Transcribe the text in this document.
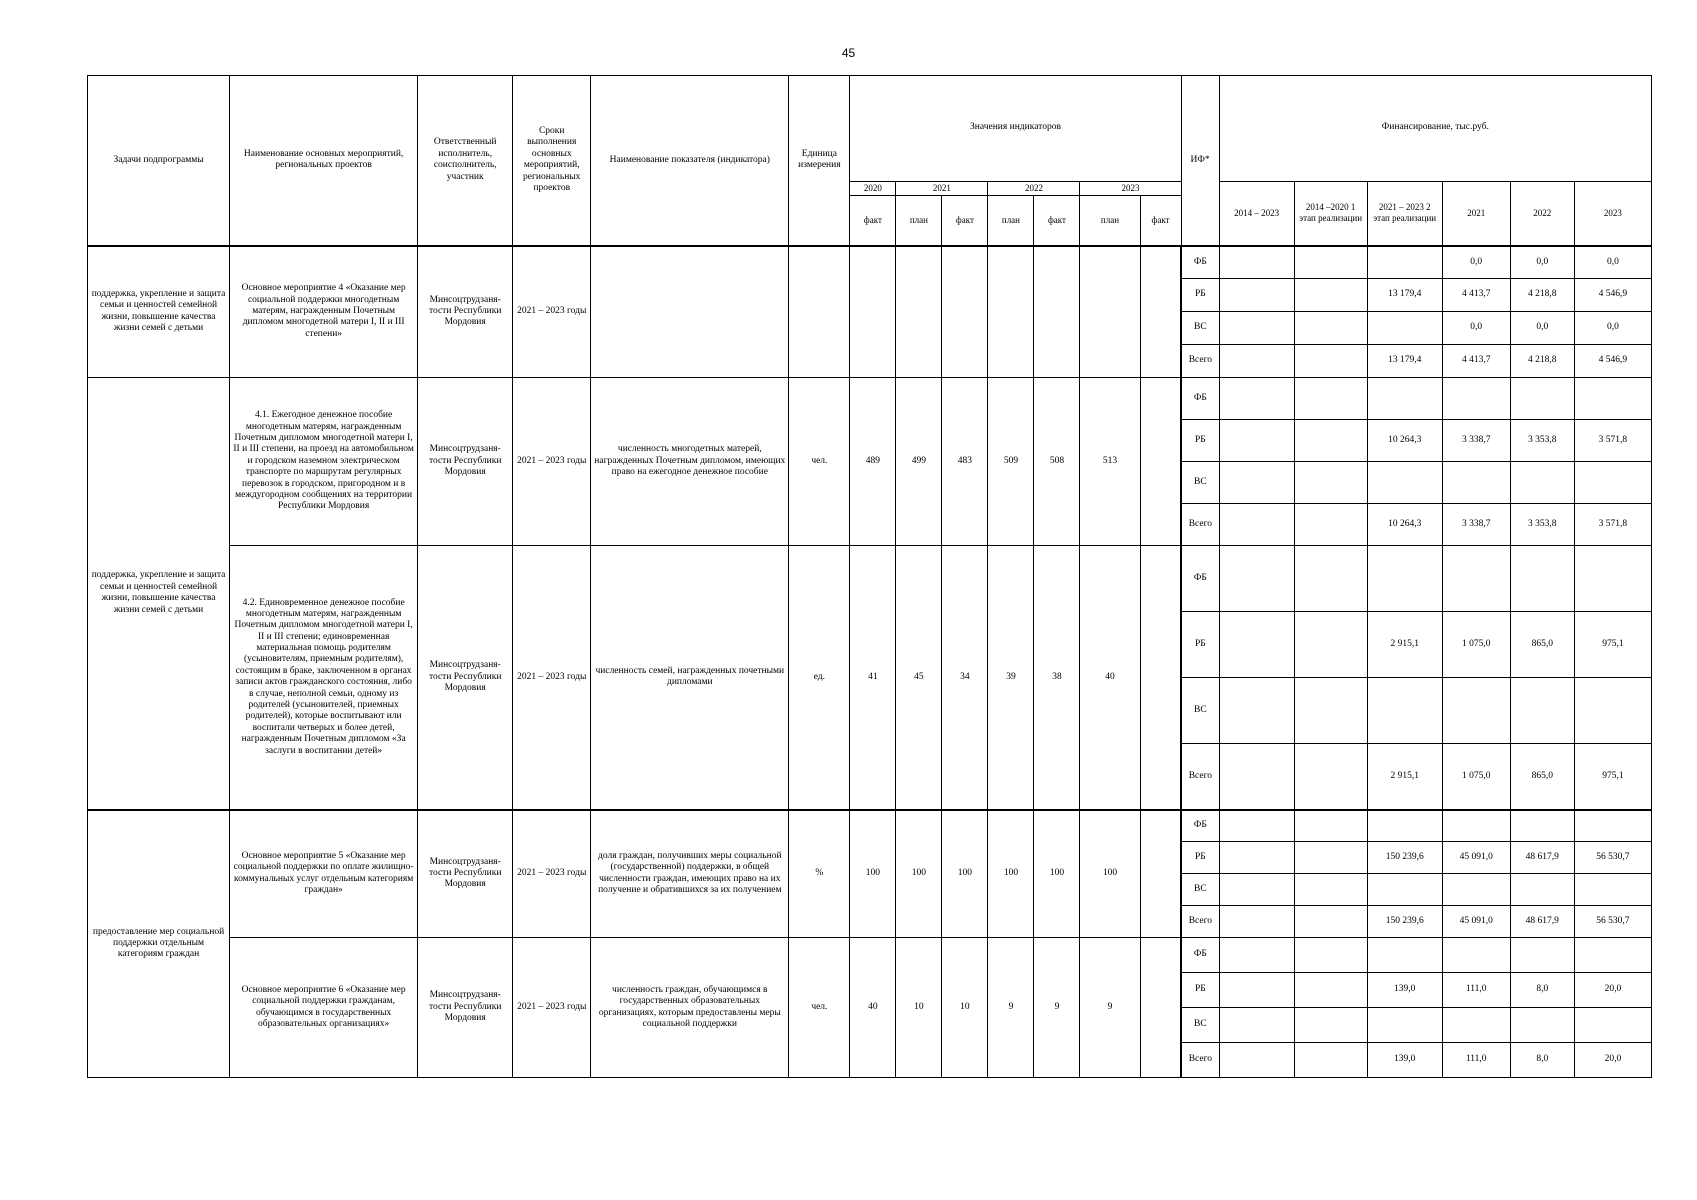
45
Задачи подпрограммы	Наименование основных мероприятий, региональных проектов	Ответственный исполнитель, соисполнитель, участник	Сроки выполнения основных мероприятий, региональных проектов	Наименование показателя (индикатора)	Единица измерения	Значения индикаторов							ИФ*	Финансирование, тыс.руб.					
						2020	2021		2022		2023			2014 – 2023	2014 –2020 1 этап реализации	2021 – 2023 2 этап реализации	2021	2022	2023
						факт	план	факт	план	факт	план	факт							
поддержка, укрепление и защита семьи и ценностей семейной жизни, повышение качества жизни семей с детьми	Основное мероприятие 4 «Оказание мер социальной поддержки многодетным матерям, награжденным Почетным дипломом многодетной матери I, II и III степени»	Минсоцтрудзаня-тости Республики Мордовия	2021 – 2023 годы										ФБ				0,0	0,0	0,0
													РБ			13 179,4	4 413,7	4 218,8	4 546,9
													ВС				0,0	0,0	0,0
													Всего			13 179,4	4 413,7	4 218,8	4 546,9
поддержка, укрепление и защита семьи и ценностей семейной жизни, повышение качества жизни семей с детьми	4.1. Ежегодное денежное пособие многодетным матерям, награжденным Почетным дипломом многодетной матери I, II и III степени, на проезд на автомобильном и городском наземном электрическом транспорте по маршрутам регулярных перевозок в городском, пригородном и в междугородном сообщениях на территории Республики Мордовия	Минсоцтрудзаня-тости Республики Мордовия	2021 – 2023 годы	численность многодетных матерей, награжденных Почетным дипломом, имеющих право на ежегодное денежное пособие	чел.	489	499	483	509	508	513		ФБ						
													РБ			10 264,3	3 338,7	3 353,8	3 571,8
													ВС						
													Всего			10 264,3	3 338,7	3 353,8	3 571,8
	4.2. Единовременное денежное пособие многодетным матерям, награжденным Почетным дипломом многодетной матери I, II и III степени; единовременная материальная помощь родителям (усыновителям, приемным родителям), состоящим в браке, заключенном в органах записи актов гражданского состояния, либо в случае, неполной семьи, одному из родителей (усыновителей, приемных родителей), которые воспитывают или воспитали четверых и более детей, награжденным Почетным дипломом «За заслуги в воспитании детей»	Минсоцтрудзаня-тости Республики Мордовия	2021 – 2023 годы	численность семей, награжденных почетными дипломами	ед.	41	45	34	39	38	40		ФБ						
													РБ			2 915,1	1 075,0	865,0	975,1
													ВС						
													Всего			2 915,1	1 075,0	865,0	975,1
предоставление мер социальной поддержки отдельным категориям граждан	Основное мероприятие 5 «Оказание мер социальной поддержки по оплате жилищно-коммунальных услуг отдельным категориям граждан»	Минсоцтрудзаня-тости Республики Мордовия	2021 – 2023 годы	доля граждан, получивших меры социальной (государственной) поддержки, в общей численности граждан, имеющих право на их получение и обратившихся за их получением	%	100	100	100	100	100	100		ФБ						
													РБ			150 239,6	45 091,0	48 617,9	56 530,7
													ВС						
													Всего			150 239,6	45 091,0	48 617,9	56 530,7
	Основное мероприятие 6 «Оказание мер социальной поддержки гражданам, обучающимся в государственных образовательных организациях»	Минсоцтрудзаня-тости Республики Мордовия	2021 – 2023 годы	численность граждан, обучающимся в государственных образовательных организациях, которым предоставлены меры социальной поддержки	чел.	40	10	10	9	9	9		ФБ						
													РБ			139,0	111,0	8,0	20,0
													ВС						
													Всего			139,0	111,0	8,0	20,0
